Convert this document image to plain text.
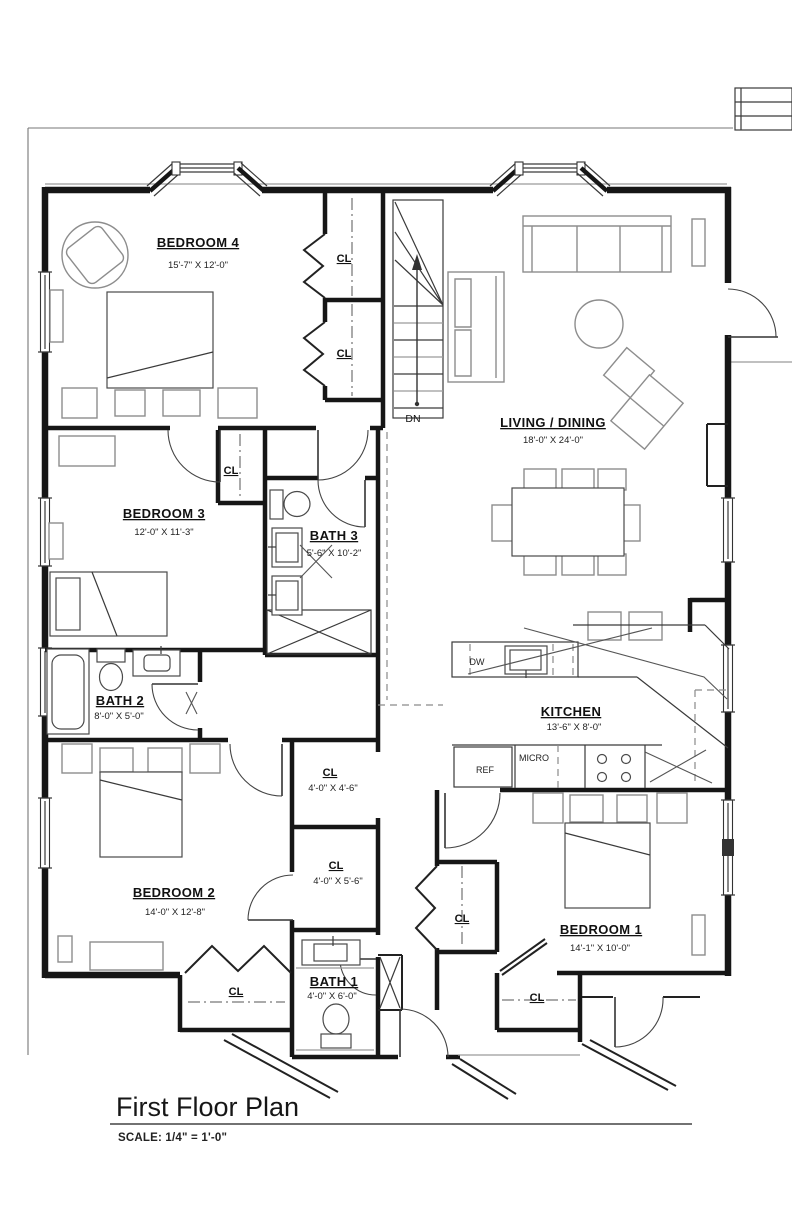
BEDROOM 4
15'-7" X 12'-0"
LIVING / DINING
18'-0" X 24'-0"
BEDROOM 3
12'-0" X 11'-3"	BATH 3
5'-6" X 10'-2"
BATH 2
8'-0" X 5'-0"	KITCHEN
13'-6" X 8'-0"
BEDROOM 2
14'-0" X 12'-8"
BATH 1
4'-0" X 6'-0"
BEDROOM 1
14'-1" X 10'-0"
CL
CL
CL
CL
4'-0" X 4'-6"
CL
4'-0" X 5'-6"
CL
CL
CL
DN
DW
REF
MICRO
First Floor Plan
SCALE: 1/4" = 1'-0"
